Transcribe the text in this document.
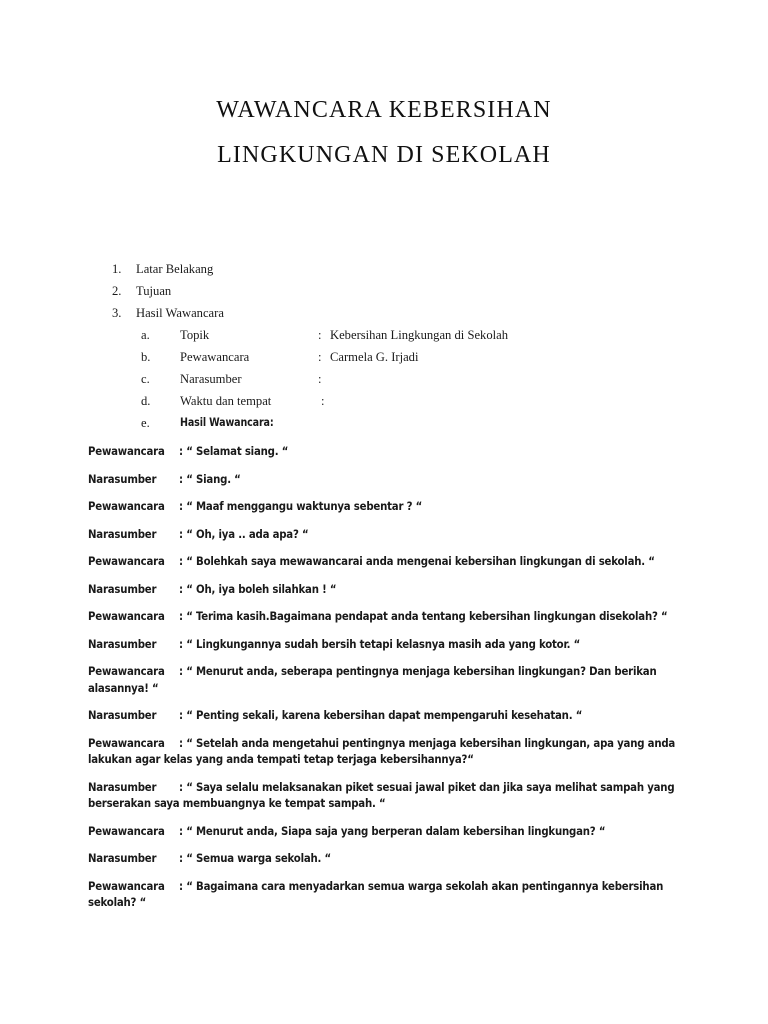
WAWANCARA KEBERSIHAN
LINGKUNGAN DI SEKOLAH
1.	Latar Belakang
2.	Tujuan
3.	Hasil Wawancara
a.	Topik	: Kebersihan Lingkungan di Sekolah
b.	Pewawancara	: Carmela G. Irjadi
c.	Narasumber	:
d.	Waktu dan tempat	:
e.	Hasil Wawancara:
Pewawancara : “ Selamat siang. “
Narasumber : “ Siang. “
Pewawancara : “ Maaf menggangu waktunya sebentar ? “
Narasumber : “ Oh, iya .. ada apa? “
Pewawancara : “ Bolehkah saya mewawancarai anda mengenai kebersihan lingkungan di sekolah. “
Narasumber : “ Oh, iya boleh silahkan ! “
Pewawancara : “ Terima kasih.Bagaimana pendapat anda tentang kebersihan lingkungan disekolah? “
Narasumber : “ Lingkungannya sudah bersih tetapi kelasnya masih ada yang kotor. “
Pewawancara : “ Menurut anda, seberapa pentingnya menjaga kebersihan lingkungan? Dan berikan alasannya! “
Narasumber : “ Penting sekali, karena kebersihan dapat mempengaruhi kesehatan. “
Pewawancara : “ Setelah anda mengetahui pentingnya menjaga kebersihan lingkungan, apa yang anda lakukan agar kelas yang anda tempati tetap terjaga kebersihannya?“
Narasumber : “ Saya selalu melaksanakan piket sesuai jawal piket dan jika saya melihat sampah yang berserakan saya membuangnya ke tempat sampah. “
Pewawancara : “ Menurut anda, Siapa saja yang berperan dalam kebersihan lingkungan? “
Narasumber : “ Semua warga sekolah. “
Pewawancara : “ Bagaimana cara menyadarkan semua warga sekolah akan pentingannya kebersihan sekolah? “
